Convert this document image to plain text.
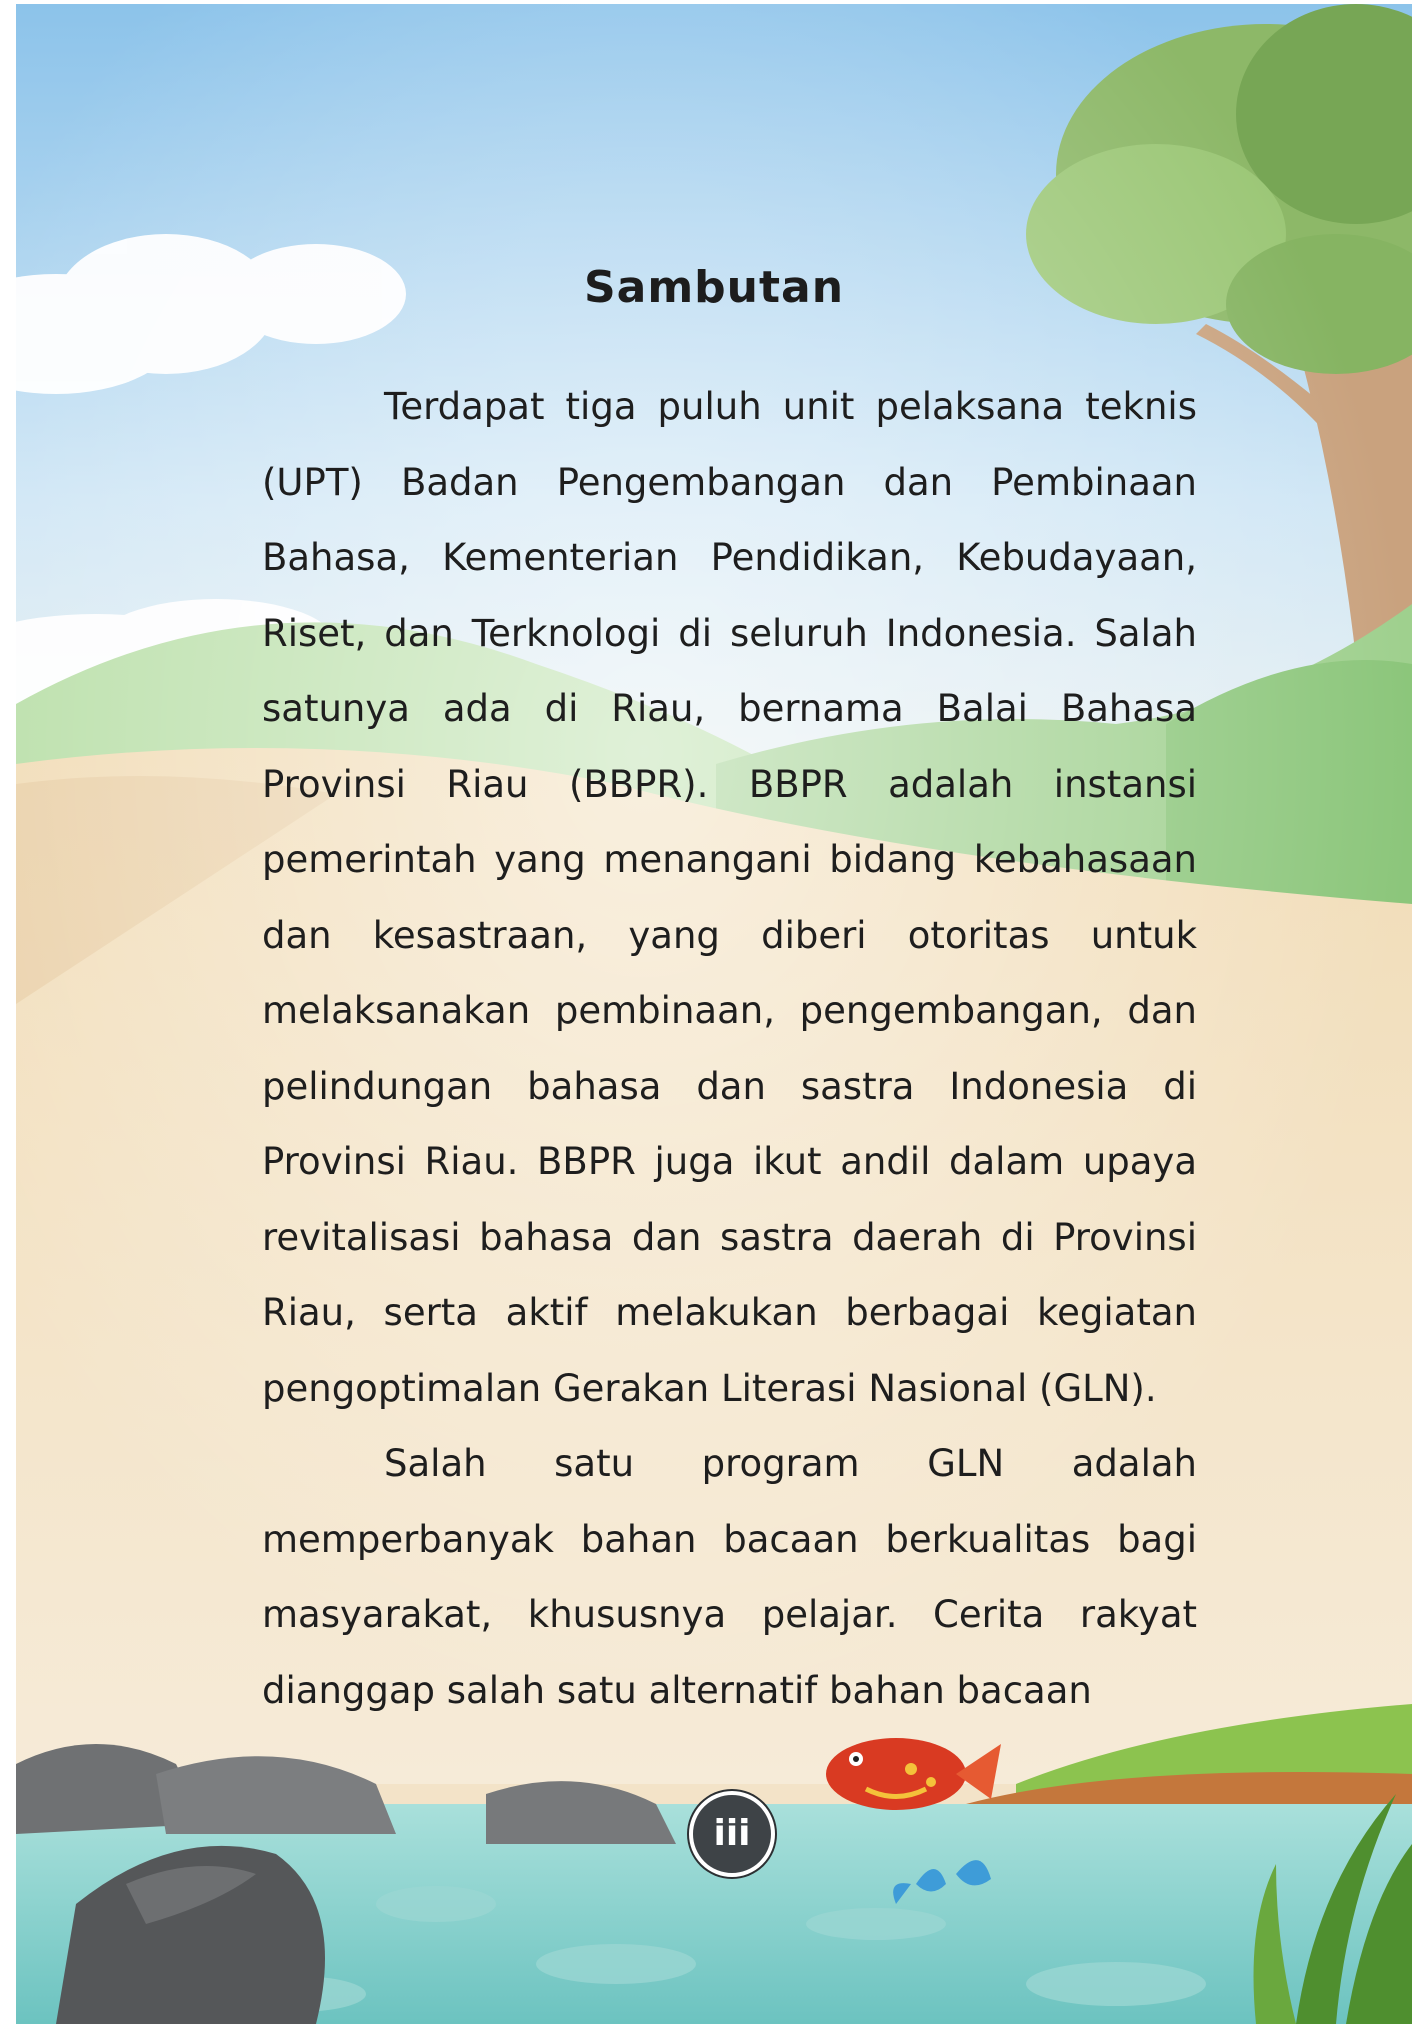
Sambutan

Terdapat tiga puluh unit pelaksana teknis (UPT) Badan Pengembangan dan Pembinaan Bahasa, Kementerian Pendidikan, Kebudayaan, Riset, dan Terknologi di seluruh Indonesia. Salah satunya ada di Riau, bernama Balai Bahasa Provinsi Riau (BBPR). BBPR adalah instansi pemerintah yang menangani bidang kebahasaan dan kesastraan, yang diberi otoritas untuk melaksanakan pembinaan, pengembangan, dan pelindungan bahasa dan sastra Indonesia di Provinsi Riau. BBPR juga ikut andil dalam upaya revitalisasi bahasa dan sastra daerah di Provinsi Riau, serta aktif melakukan berbagai kegiatan pengoptimalan Gerakan Literasi Nasional (GLN).

Salah satu program GLN adalah memperbanyak bahan bacaan berkualitas bagi masyarakat, khususnya pelajar. Cerita rakyat dianggap salah satu alternatif bahan bacaan

iii
